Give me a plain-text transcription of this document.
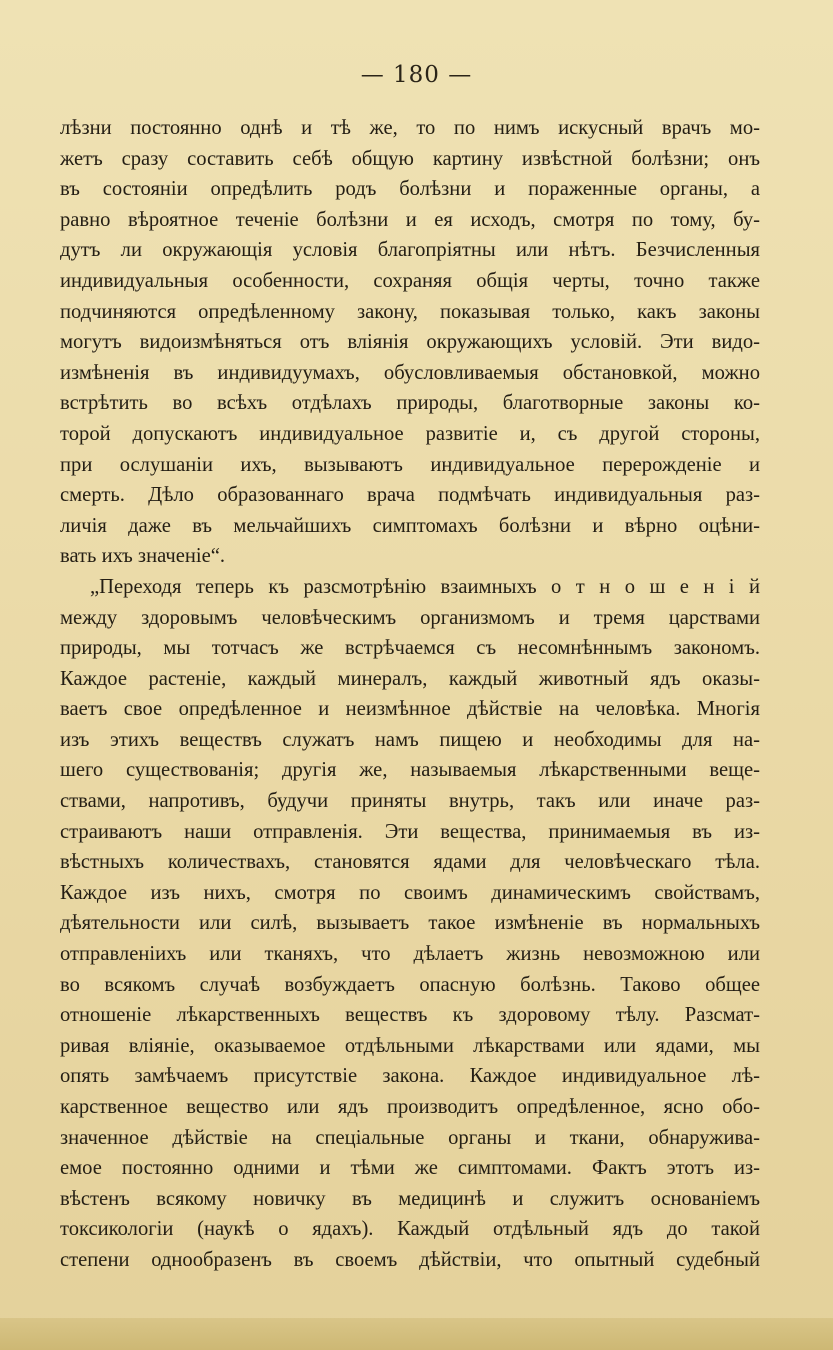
— 180 —
лѣзни постоянно однѣ и тѣ же, то по нимъ искусный врачъ мо-
жетъ сразу составить себѣ общую картину извѣстной болѣзни; онъ
въ состояніи опредѣлить родъ болѣзни и пораженные органы, а
равно вѣроятное теченіе болѣзни и ея исходъ, смотря по тому, бу-
дутъ ли окружающія условія благопріятны или нѣтъ. Безчисленныя
индивидуальныя особенности, сохраняя общія черты, точно также
подчиняются опредѣленному закону, показывая только, какъ законы
могутъ видоизмѣняться отъ вліянія окружающихъ условій. Эти видо-
измѣненія въ индивидуумахъ, обусловливаемыя обстановкой, можно
встрѣтить во всѣхъ отдѣлахъ природы, благотворные законы ко-
торой допускаютъ индивидуальное развитіе и, съ другой стороны,
при ослушаніи ихъ, вызываютъ индивидуальное перерожденіе и
смерть. Дѣло образованнаго врача подмѣчать индивидуальныя раз-
личія даже въ мельчайшихъ симптомахъ болѣзни и вѣрно оцѣни-
вать ихъ значеніе“.
„Переходя теперь къ разсмотрѣнію взаимныхъ о т н о ш е н і й
между здоровымъ человѣческимъ организмомъ и тремя царствами
природы, мы тотчасъ же встрѣчаемся съ несомнѣннымъ закономъ.
Каждое растеніе, каждый минералъ, каждый животный ядъ оказы-
ваетъ свое опредѣленное и неизмѣнное дѣйствіе на человѣка. Многія
изъ этихъ веществъ служатъ намъ пищею и необходимы для на-
шего существованія; другія же, называемыя лѣкарственными веще-
ствами, напротивъ, будучи приняты внутрь, такъ или иначе раз-
страиваютъ наши отправленія. Эти вещества, принимаемыя въ из-
вѣстныхъ количествахъ, становятся ядами для человѣческаго тѣла.
Каждое изъ нихъ, смотря по своимъ динамическимъ свойствамъ,
дѣятельности или силѣ, вызываетъ такое измѣненіе въ нормальныхъ
отправленіихъ или тканяхъ, что дѣлаетъ жизнь невозможною или
во всякомъ случаѣ возбуждаетъ опасную болѣзнь. Таково общее
отношеніе лѣкарственныхъ веществъ къ здоровому тѣлу. Разсмат-
ривая вліяніе, оказываемое отдѣльными лѣкарствами или ядами, мы
опять замѣчаемъ присутствіе закона. Каждое индивидуальное лѣ-
карственное вещество или ядъ производитъ опредѣленное, ясно обо-
значенное дѣйствіе на спеціальные органы и ткани, обнаружива-
емое постоянно одними и тѣми же симптомами. Фактъ этотъ из-
вѣстенъ всякому новичку въ медицинѣ и служитъ основаніемъ
токсикологіи (наукѣ о ядахъ). Каждый отдѣльный ядъ до такой
степени однообразенъ въ своемъ дѣйствіи, что опытный судебный
